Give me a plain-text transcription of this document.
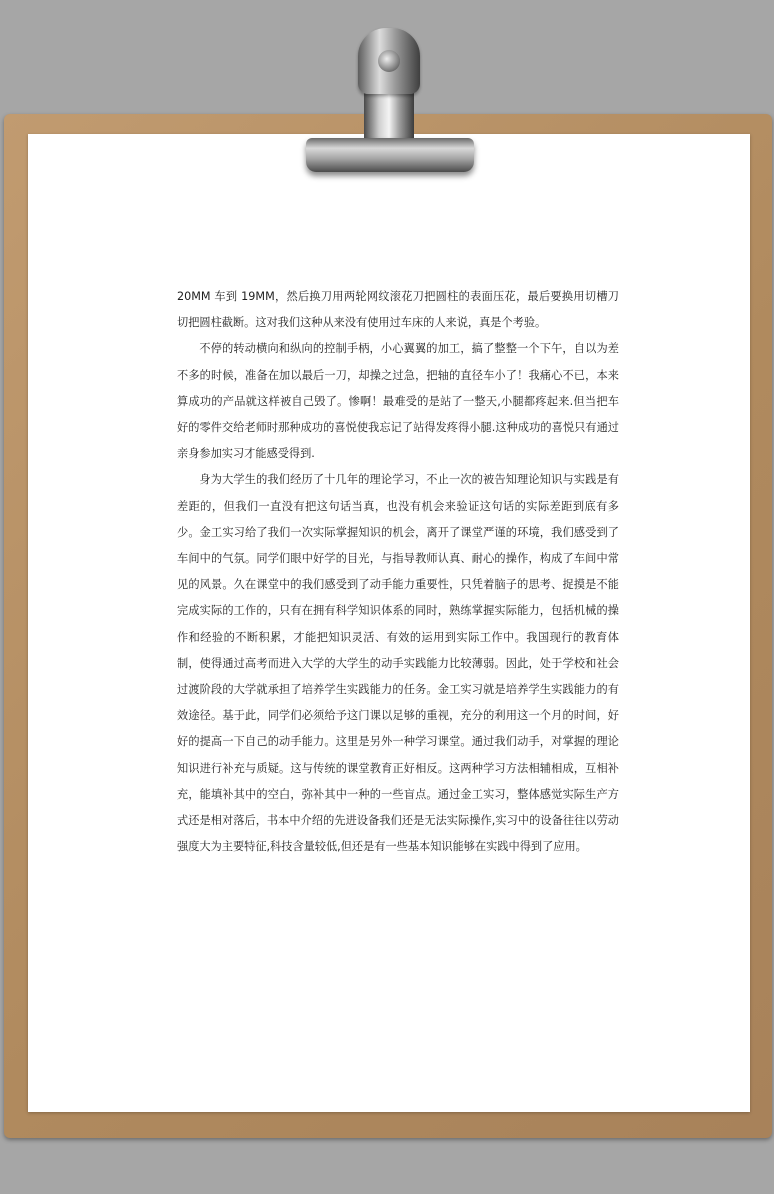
20MM 车到 19MM，然后换刀用两轮网纹滚花刀把圆柱的表面压花，最后要换用切槽刀切把圆柱截断。这对我们这种从来没有使用过车床的人来说，真是个考验。

不停的转动横向和纵向的控制手柄，小心翼翼的加工，搞了整整一个下午，自以为差不多的时候，准备在加以最后一刀，却操之过急，把轴的直径车小了！我痛心不已，本来算成功的产品就这样被自己毁了。惨啊！最难受的是站了一整天,小腿都疼起来.但当把车好的零件交给老师时那种成功的喜悦使我忘记了站得发疼得小腿.这种成功的喜悦只有通过亲身参加实习才能感受得到.

身为大学生的我们经历了十几年的理论学习，不止一次的被告知理论知识与实践是有差距的，但我们一直没有把这句话当真，也没有机会来验证这句话的实际差距到底有多少。金工实习给了我们一次实际掌握知识的机会，离开了课堂严谨的环境，我们感受到了车间中的气氛。同学们眼中好学的目光，与指导教师认真、耐心的操作，构成了车间中常见的风景。久在课堂中的我们感受到了动手能力重要性，只凭着脑子的思考、捉摸是不能完成实际的工作的，只有在拥有科学知识体系的同时，熟练掌握实际能力，包括机械的操作和经验的不断积累，才能把知识灵活、有效的运用到实际工作中。我国现行的教育体制，使得通过高考而进入大学的大学生的动手实践能力比较薄弱。因此，处于学校和社会过渡阶段的大学就承担了培养学生实践能力的任务。金工实习就是培养学生实践能力的有效途径。基于此，同学们必须给予这门课以足够的重视，充分的利用这一个月的时间，好好的提高一下自己的动手能力。这里是另外一种学习课堂。通过我们动手，对掌握的理论知识进行补充与质疑。这与传统的课堂教育正好相反。这两种学习方法相辅相成，互相补充，能填补其中的空白，弥补其中一种的一些盲点。通过金工实习，整体感觉实际生产方式还是相对落后，书本中介绍的先进设备我们还是无法实际操作,实习中的设备往往以劳动强度大为主要特征,科技含量较低,但还是有一些基本知识能够在实践中得到了应用。
